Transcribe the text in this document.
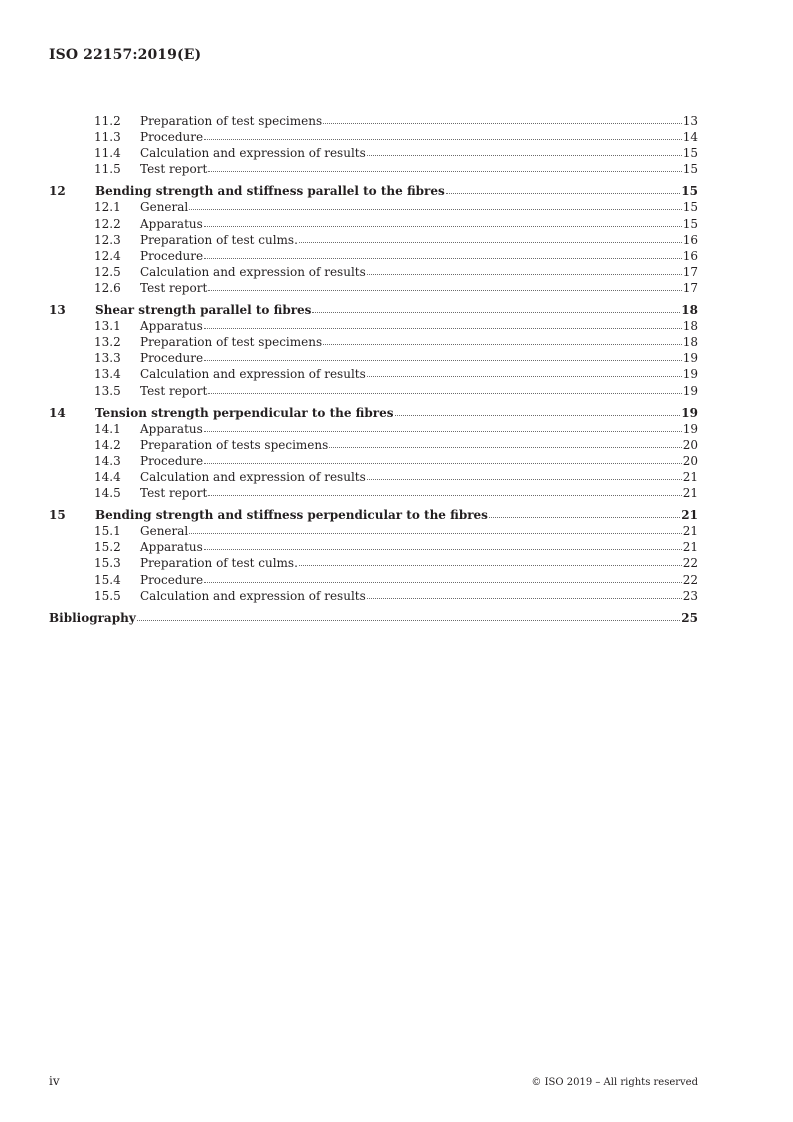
ISO 22157:2019(E)
11.2	Preparation of test specimens	13
11.3	Procedure	14
11.4	Calculation and expression of results	15
11.5	Test report	15
12	Bending strength and stiffness parallel to the fibres	15
12.1	General	15
12.2	Apparatus	15
12.3	Preparation of test culms.	16
12.4	Procedure	16
12.5	Calculation and expression of results	17
12.6	Test report	17
13	Shear strength parallel to fibres	18
13.1	Apparatus	18
13.2	Preparation of test specimens	18
13.3	Procedure	19
13.4	Calculation and expression of results	19
13.5	Test report	19
14	Tension strength perpendicular to the fibres	19
14.1	Apparatus	19
14.2	Preparation of tests specimens	20
14.3	Procedure	20
14.4	Calculation and expression of results	21
14.5	Test report	21
15	Bending strength and stiffness perpendicular to the fibres	21
15.1	General	21
15.2	Apparatus	21
15.3	Preparation of test culms.	22
15.4	Procedure	22
15.5	Calculation and expression of results	23
Bibliography	25
iv	© ISO 2019 – All rights reserved
